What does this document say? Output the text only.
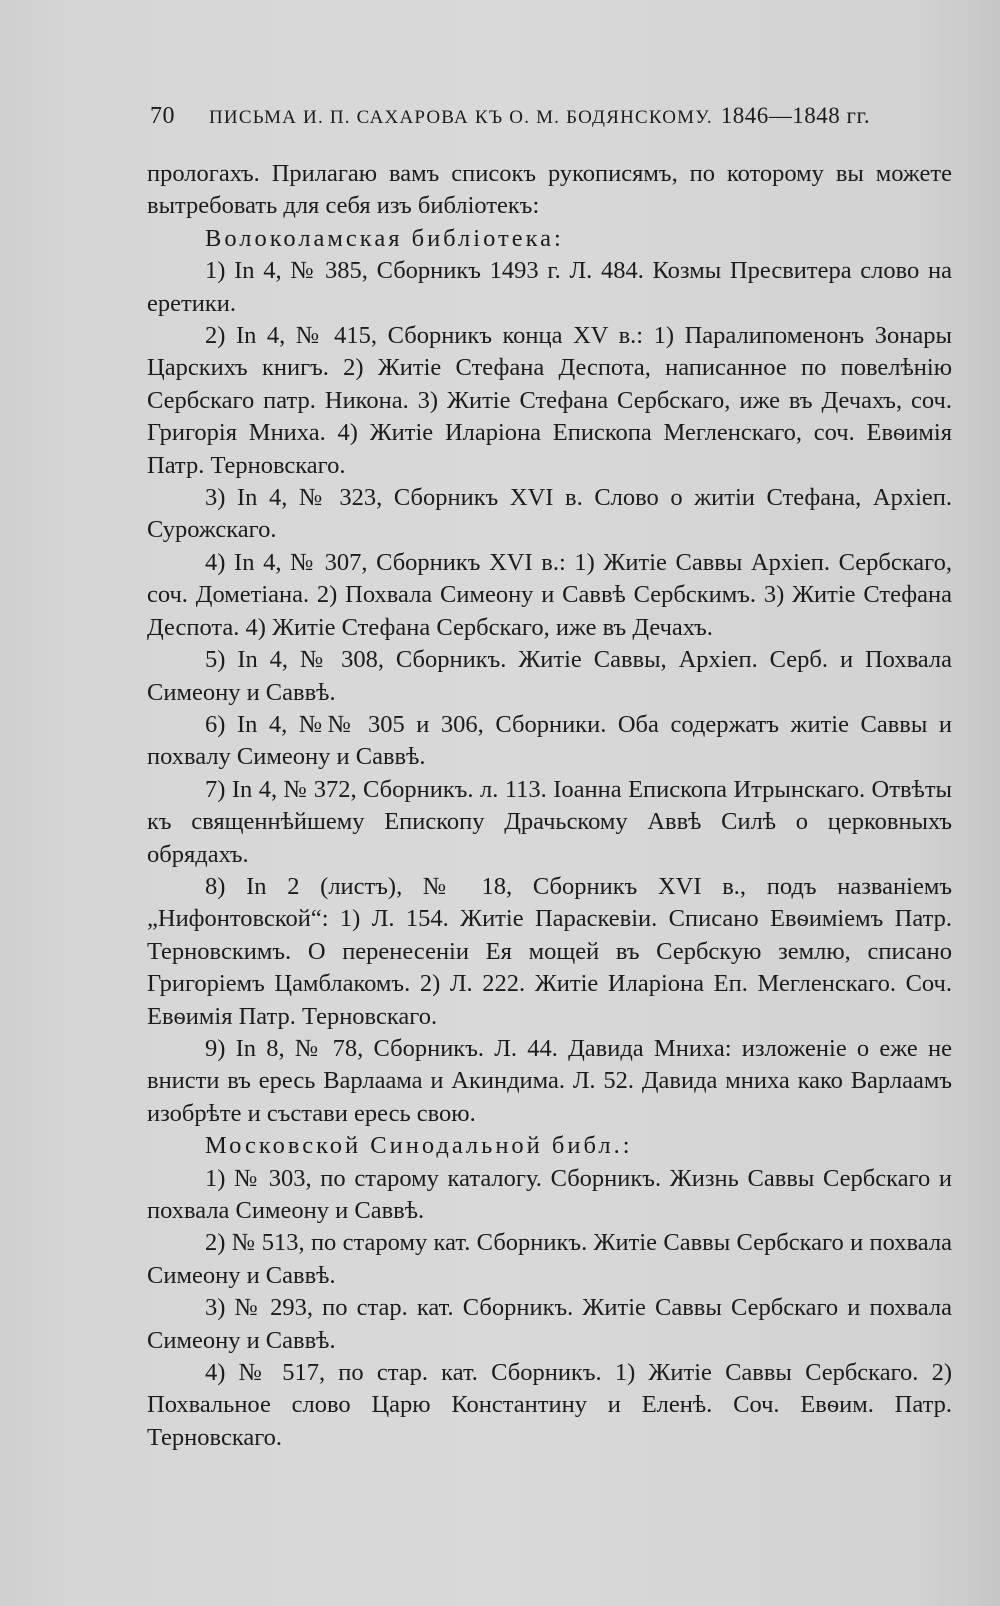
70 ПИСЬМА И. П. САХАРОВА КЪ О. М. БОДЯНСКОМУ. 1846—1848 гг.

прологахъ. Прилагаю вамъ списокъ рукописямъ, по которому вы можете вытребовать для себя изъ библіотекъ:

Волоколамская библіотека:

1) In 4, № 385, Сборникъ 1493 г. Л. 484. Козмы Пресвитера слово на еретики.

2) In 4, № 415, Сборникъ конца XV в.: 1) Паралипоменонъ Зонары Царскихъ книгъ. 2) Житіе Стефана Деспота, написанное по повелѣнію Сербскаго патр. Никона. 3) Житіе Стефана Сербскаго, иже въ Дечахъ, соч. Григорія Мниха. 4) Житіе Иларіона Епископа Мегленскаго, соч. Евѳимія Патр. Терновскаго.

3) In 4, № 323, Сборникъ XVI в. Слово о житіи Стефана, Архіеп. Сурожскаго.

4) In 4, № 307, Сборникъ XVI в.: 1) Житіе Саввы Архіеп. Сербскаго, соч. Дометіана. 2) Похвала Симеону и Саввѣ Сербскимъ. 3) Житіе Стефана Деспота. 4) Житіе Стефана Сербскаго, иже въ Дечахъ.

5) In 4, № 308, Сборникъ. Житіе Саввы, Архіеп. Серб. и Похвала Симеону и Саввѣ.

6) In 4, №№ 305 и 306, Сборники. Оба содержатъ житіе Саввы и похвалу Симеону и Саввѣ.

7) In 4, № 372, Сборникъ. л. 113. Іоанна Епископа Итрынскаго. Отвѣты къ священнѣйшему Епископу Драчьскому Аввѣ Силѣ о церковныхъ обрядахъ.

8) In 2 (листъ), № 18, Сборникъ XVI в., подъ названіемъ „Нифонтовской“: 1) Л. 154. Житіе Параскевіи. Списано Евѳиміемъ Патр. Терновскимъ. О перенесеніи Ея мощей въ Сербскую землю, списано Григоріемъ Цамблакомъ. 2) Л. 222. Житіе Иларіона Еп. Мегленскаго. Соч. Евѳимія Патр. Терновскаго.

9) In 8, № 78, Сборникъ. Л. 44. Давида Мниха: изложеніе о еже не внисти въ ересь Варлаама и Акиндима. Л. 52. Давида мниха како Варлаамъ изобрѣте и състави ересь свою.

Московской Синодальной библ.:

1) № 303, по старому каталогу. Сборникъ. Жизнь Саввы Сербскаго и похвала Симеону и Саввѣ.

2) № 513, по старому кат. Сборникъ. Житіе Саввы Сербскаго и похвала Симеону и Саввѣ.

3) № 293, по стар. кат. Сборникъ. Житіе Саввы Сербскаго и похвала Симеону и Саввѣ.

4) № 517, по стар. кат. Сборникъ. 1) Житіе Саввы Сербскаго. 2) Похвальное слово Царю Константину и Еленѣ. Соч. Евѳим. Патр. Терновскаго.
